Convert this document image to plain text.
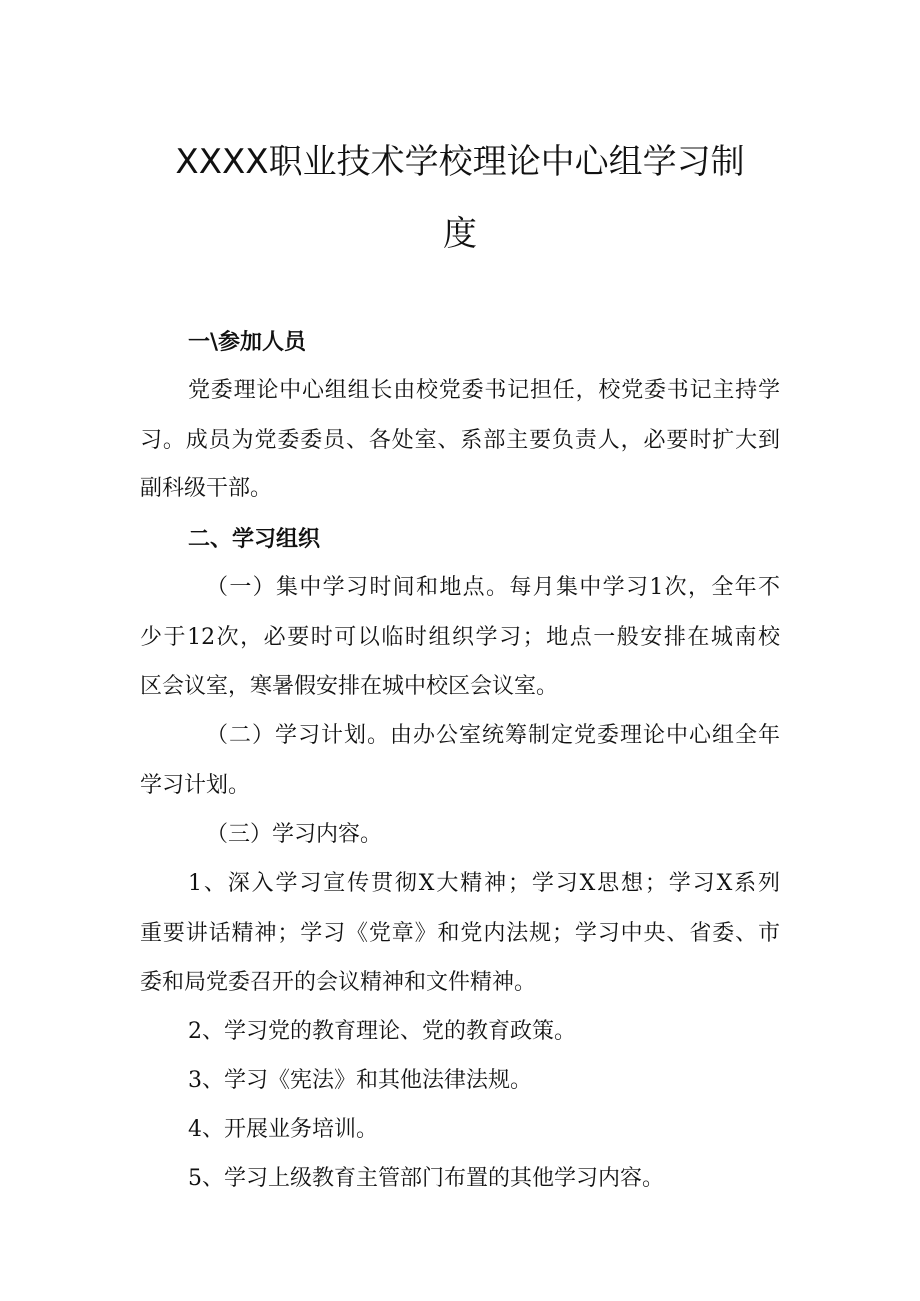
XXXX职业技术学校理论中心组学习制
度
一\参加人员
党委理论中心组组长由校党委书记担任，校党委书记主持学
习。成员为党委委员、各处室、系部主要负责人，必要时扩大到
副科级干部。
二、学习组织
（一）集中学习时间和地点。每月集中学习1次，全年不
少于12次，必要时可以临时组织学习；地点一般安排在城南校
区会议室，寒暑假安排在城中校区会议室。
（二）学习计划。由办公室统筹制定党委理论中心组全年
学习计划。
（三）学习内容。
1、深入学习宣传贯彻X大精神；学习X思想；学习X系列
重要讲话精神；学习《党章》和党内法规；学习中央、省委、市
委和局党委召开的会议精神和文件精神。
2、学习党的教育理论、党的教育政策。
3、学习《宪法》和其他法律法规。
4、开展业务培训。
5、学习上级教育主管部门布置的其他学习内容。
